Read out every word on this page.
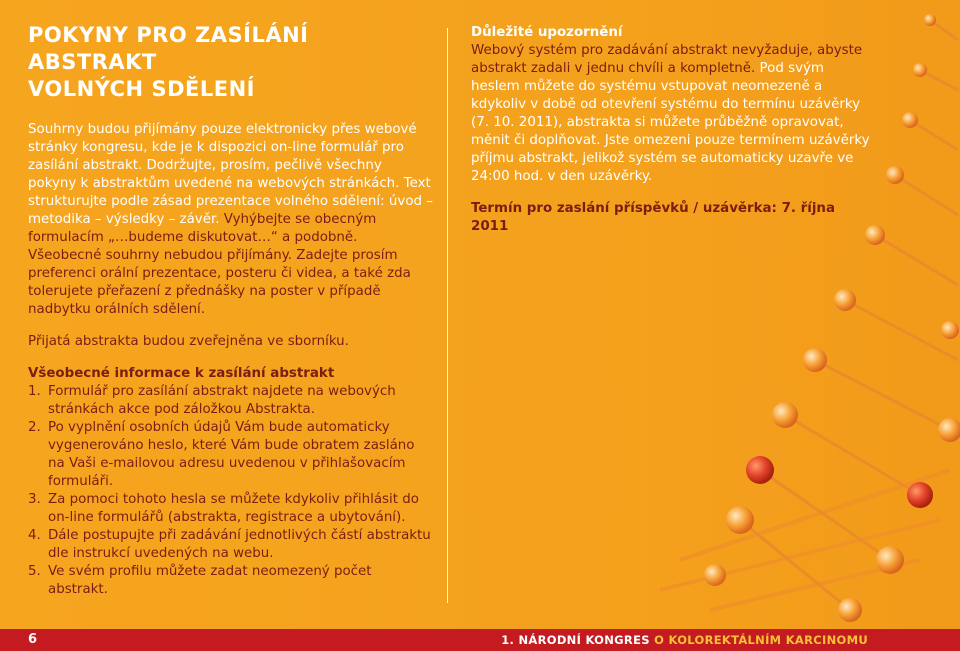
POKYNY PRO ZASÍLÁNÍ ABSTRAKT
VOLNÝCH SDĚLENÍ

Souhrny budou přijímány pouze elektronicky přes webové stránky kongresu, kde je k dispozici on-line formulář pro zasílání abstrakt. Dodržujte, prosím, pečlivě všechny pokyny k abstraktům uvedené na webových stránkách. Text strukturujte podle zásad prezentace volného sdělení: úvod – metodika – výsledky – závěr. Vyhýbejte se obecným formulacím „…budeme diskutovat…“ a podobně. Všeobecné souhrny nebudou přijímány. Zadejte prosím preferenci orální prezentace, posteru či videa, a také zda tolerujete přeřazení z přednášky na poster v případě nadbytku orálních sdělení.

Přijatá abstrakta budou zveřejněna ve sborníku.

Všeobecné informace k zasílání abstrakt

1. Formulář pro zasílání abstrakt najdete na webových stránkách akce pod záložkou Abstrakta.
2. Po vyplnění osobních údajů Vám bude automaticky vygenerováno heslo, které Vám bude obratem zasláno na Vaši e-mailovou adresu uvedenou v přihlašovacím formuláři.
3. Za pomoci tohoto hesla se můžete kdykoliv přihlásit do on-line formulářů (abstrakta, registrace a ubytování).
4. Dále postupujte při zadávání jednotlivých částí abstraktu dle instrukcí uvedených na webu.
5. Ve svém profilu můžete zadat neomezený počet abstrakt.

Důležité upozornění

Webový systém pro zadávání abstrakt nevyžaduje, abyste abstrakt zadali v jednu chvíli a kompletně. Pod svým heslem můžete do systému vstupovat neomezeně a kdykoliv v době od otevření systému do termínu uzávěrky (7. 10. 2011), abstrakta si můžete průběžně opravovat, měnit či doplňovat. Jste omezeni pouze termínem uzávěrky příjmu abstrakt, jelikož systém se automaticky uzavře ve 24:00 hod. v den uzávěrky.

Termín pro zaslání příspěvků / uzávěrka: 7. října 2011

6	1. NÁRODNÍ KONGRES O KOLOREKTÁLNÍM KARCINOMU
